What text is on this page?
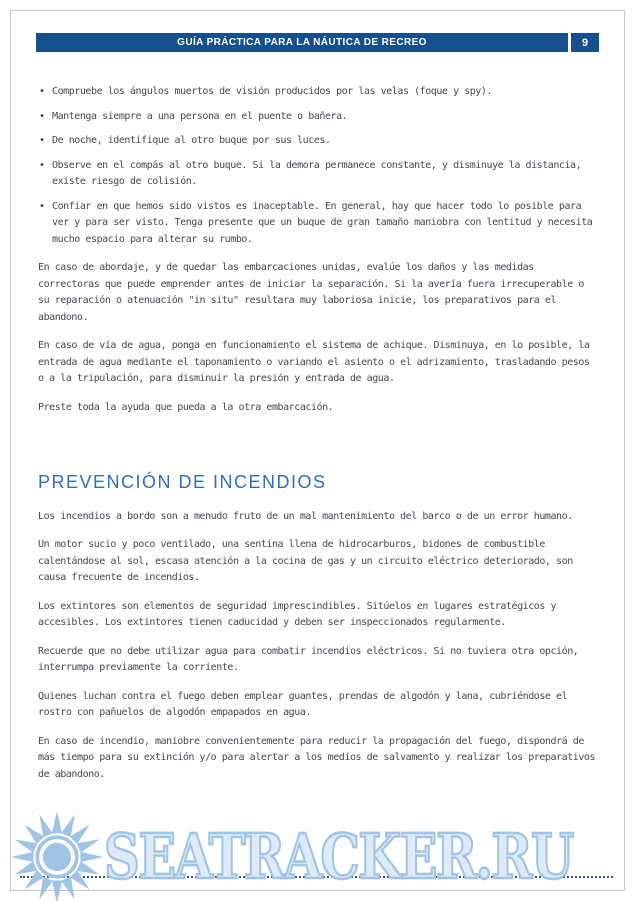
GUÍA PRÁCTICA PARA LA NÁUTICA DE RECREO	9
• Compruebe los ángulos muertos de visión producidos por las velas (foque y spy).
• Mantenga siempre a una persona en el puente o bañera.
• De noche, identifique al otro buque por sus luces.
• Observe en el compás al otro buque. Si la demora permanece constante, y disminuye la distancia, existe riesgo de colisión.
• Confiar en que hemos sido vistos es inaceptable. En general, hay que hacer todo lo posible para ver y para ser visto. Tenga presente que un buque de gran tamaño maniobra con lentitud y necesita mucho espacio para alterar su rumbo.

En caso de abordaje, y de quedar las embarcaciones unidas, evalúe los daños y las medidas correctoras que puede emprender antes de iniciar la separación. Si la avería fuera irrecuperable o su reparación o atenuación "in situ" resultara muy laboriosa inicie, los preparativos para el abandono.

En caso de vía de agua, ponga en funcionamiento el sistema de achique. Disminuya, en lo posible, la entrada de agua mediante el taponamiento o variando el asiento o el adrizamiento, trasladando pesos o a la tripulación, para disminuir la presión y entrada de agua.

Preste toda la ayuda que pueda a la otra embarcación.

PREVENCIÓN DE INCENDIOS

Los incendios a bordo son a menudo fruto de un mal mantenimiento del barco o de un error humano.

Un motor sucio y poco ventilado, una sentina llena de hidrocarburos, bidones de combustible calentándose al sol, escasa atención a la cocina de gas y un circuito eléctrico deteriorado, son causa frecuente de incendios.

Los extintores son elementos de seguridad imprescindibles. Sitúelos en lugares estratégicos y accesibles. Los extintores tienen caducidad y deben ser inspeccionados regularmente.

Recuerde que no debe utilizar agua para combatir incendios eléctricos. Si no tuviera otra opción, interrumpa previamente la corriente.

Quienes luchan contra el fuego deben emplear guantes, prendas de algodón y lana, cubriéndose el rostro con pañuelos de algodón empapados en agua.

En caso de incendio, maniobre convenientemente para reducir la propagación del fuego, dispondrá de más tiempo para su extinción y/o para alertar a los medios de salvamento y realizar los preparativos de abandono.

SEATRACKER.RU
